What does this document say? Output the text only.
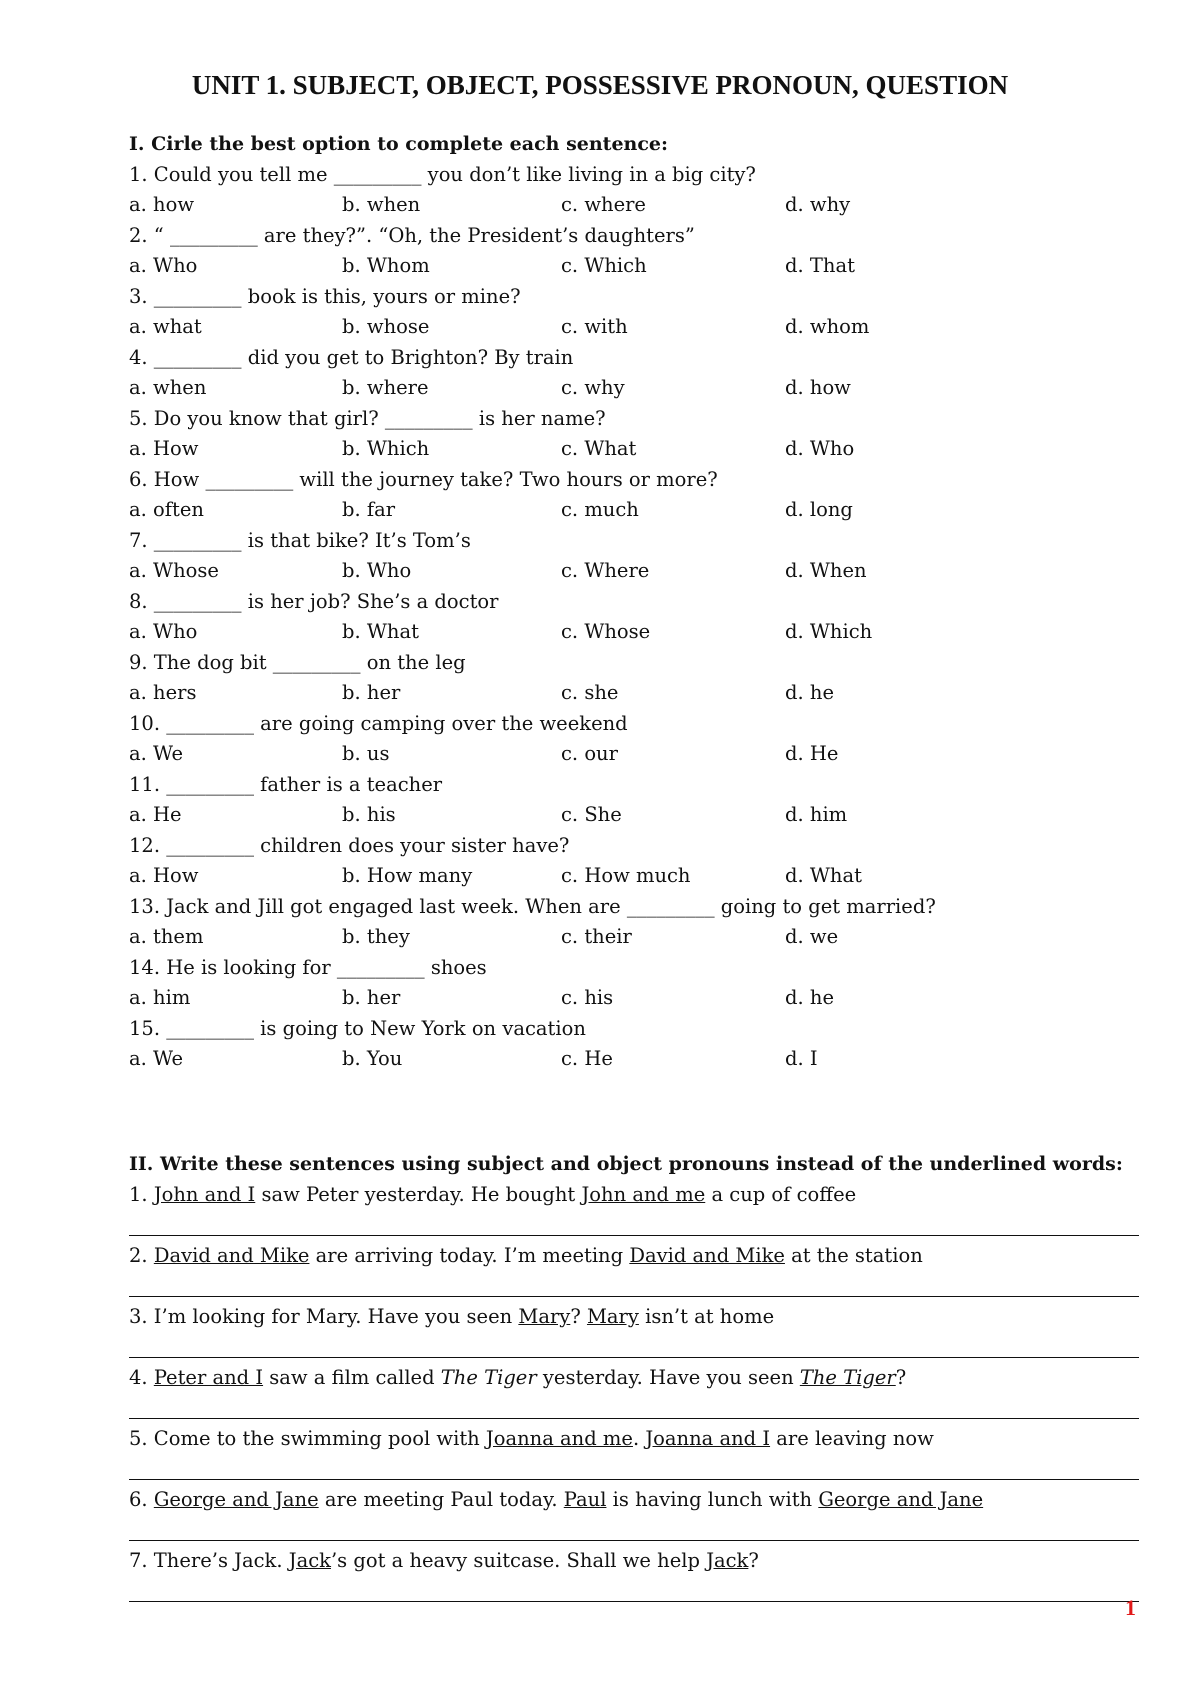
UNIT 1. SUBJECT, OBJECT, POSSESSIVE PRONOUN, QUESTION
I. Cirle the best option to complete each sentence:
1. Could you tell me _________ you don’t like living in a big city?
a. how	b. when	c. where	d. why
2. “ _________ are they?”. “Oh, the President’s daughters”
a. Who	b. Whom	c. Which	d. That
3. _________ book is this, yours or mine?
a. what	b. whose	c. with	d. whom
4. _________ did you get to Brighton? By train
a. when	b. where	c. why	d. how
5. Do you know that girl? _________ is her name?
a. How	b. Which	c. What	d. Who
6. How _________ will the journey take? Two hours or more?
a. often	b. far	c. much	d. long
7. _________ is that bike? It’s Tom’s
a. Whose	b. Who	c. Where	d. When
8. _________ is her job? She’s a doctor
a. Who	b. What	c. Whose	d. Which
9. The dog bit _________ on the leg
a. hers	b. her	c. she	d. he
10. _________ are going camping over the weekend
a. We	b. us	c. our	d. He
11. _________ father is a teacher
a. He	b. his	c. She	d. him
12. _________ children does your sister have?
a. How	b. How many	c. How much	d. What
13. Jack and Jill got engaged last week. When are _________ going to get married?
a. them	b. they	c. their	d. we
14. He is looking for _________ shoes
a. him	b. her	c. his	d. he
15. _________ is going to New York on vacation
a. We	b. You	c. He	d. I
II. Write these sentences using subject and object pronouns instead of the underlined words:
1. John and I saw Peter yesterday. He bought John and me a cup of coffee
2. David and Mike are arriving today. I’m meeting David and Mike at the station
3. I’m looking for Mary. Have you seen Mary? Mary isn’t at home
4. Peter and I saw a film called The Tiger yesterday. Have you seen The Tiger?
5. Come to the swimming pool with Joanna and me. Joanna and I are leaving now
6. George and Jane are meeting Paul today. Paul is having lunch with George and Jane
7. There’s Jack. Jack’s got a heavy suitcase. Shall we help Jack?
1
